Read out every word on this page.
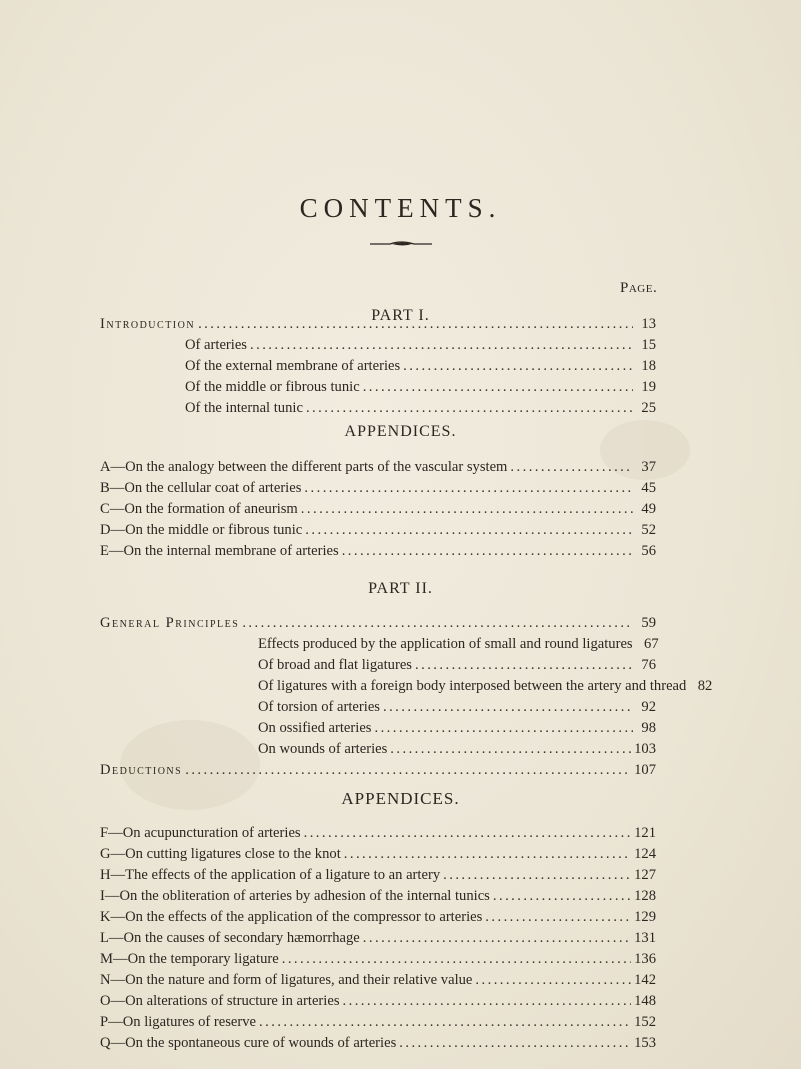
CONTENTS.
PART I.
Page.
Introduction . . .	13
Of arteries . . .	15
Of the external membrane of arteries . . .	18
Of the middle or fibrous tunic . . .	19
Of the internal tunic . . .	25
APPENDICES.
A—On the analogy between the different parts of the vascular system . . .	37
B—On the cellular coat of arteries . . .	45
C—On the formation of aneurism . . .	49
D—On the middle or fibrous tunic . . .	52
E—On the internal membrane of arteries . . .	56
PART II.
General Principles . . .	59
Effects produced by the application of small and round ligatures 67
Of broad and flat ligatures . . .	76
Of ligatures with a foreign body interposed between the artery and thread 82
Of torsion of arteries . . .	92
On ossified arteries . . .	98
On wounds of arteries . . .	103
Deductions . . .	107
APPENDICES.
F—On acupuncturation of arteries . . .	121
G—On cutting ligatures close to the knot . . .	124
H—The effects of the application of a ligature to an artery . . .	127
I—On the obliteration of arteries by adhesion of the internal tunics . . .	128
K—On the effects of the application of the compressor to arteries . . .	129
L—On the causes of secondary hæmorrhage . . .	131
M—On the temporary ligature . . .	136
N—On the nature and form of ligatures, and their relative value . . .	142
O—On alterations of structure in arteries . . .	148
P—On ligatures of reserve . . .	152
Q—On the spontaneous cure of wounds of arteries . . .	153
